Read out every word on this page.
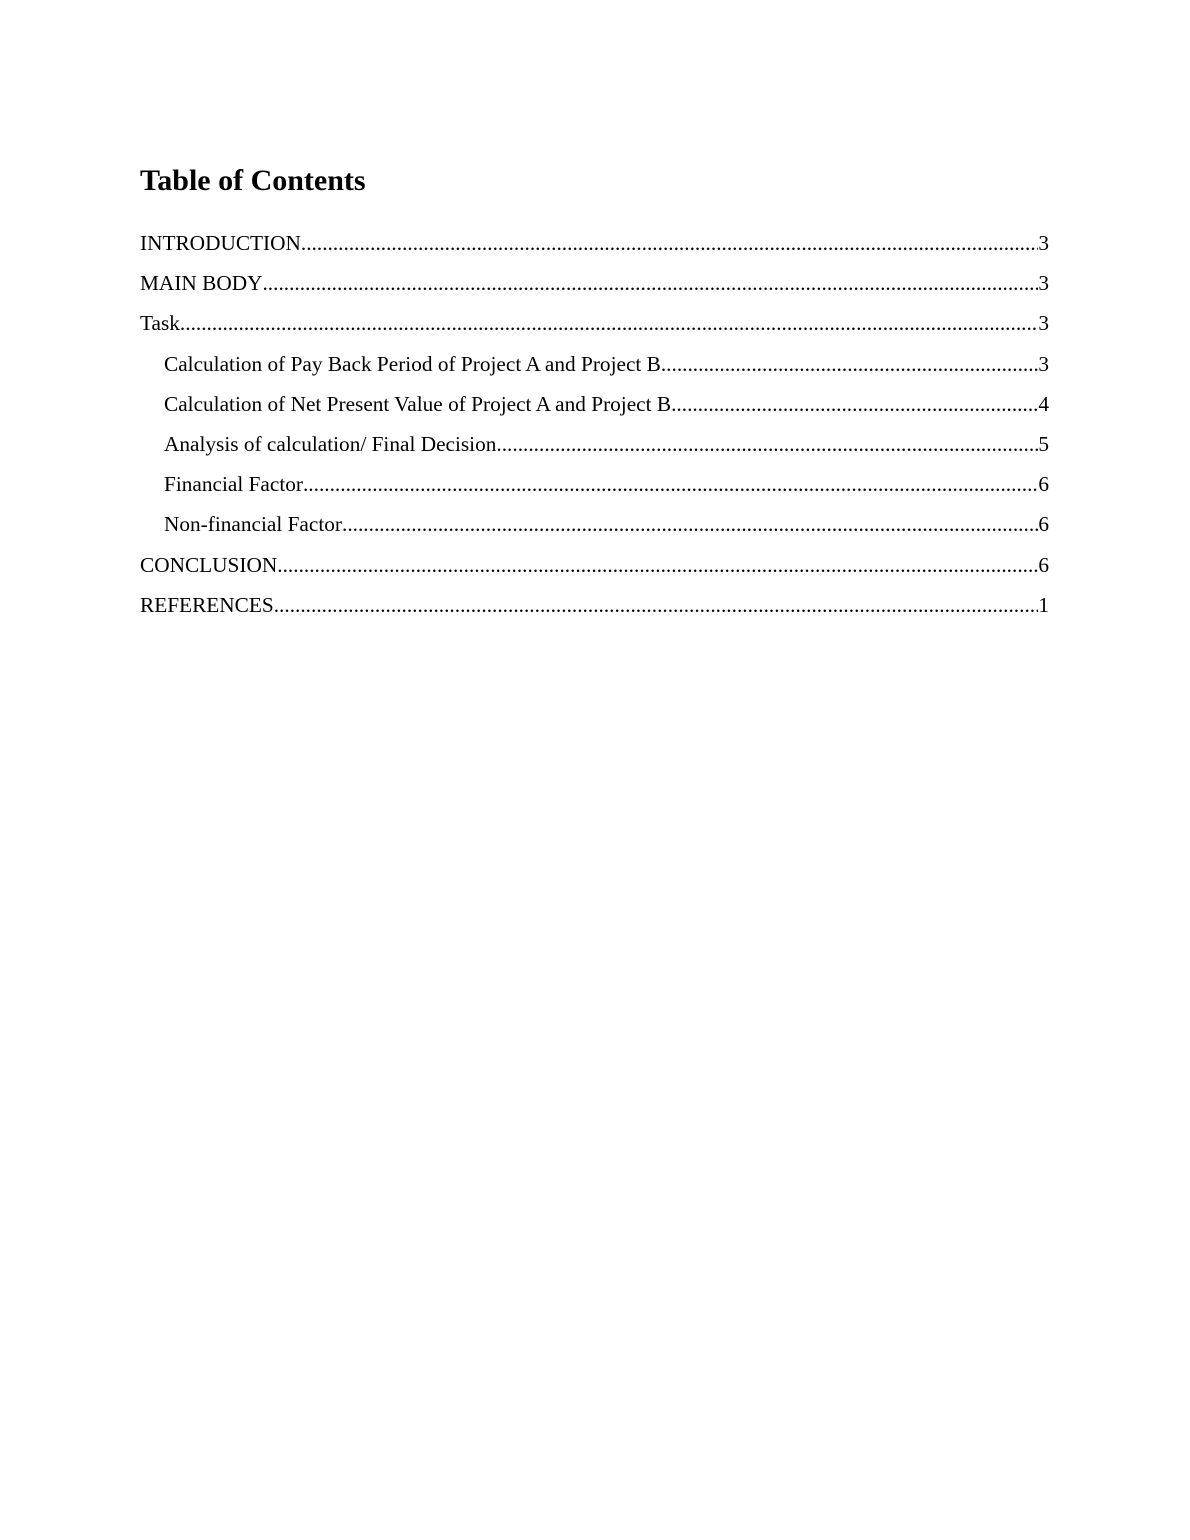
Table of Contents
INTRODUCTION .....	3
MAIN BODY .....	3
Task .....	3
Calculation of Pay Back Period of Project A and Project B .....	3
Calculation of Net Present Value of Project A and Project B .....	4
Analysis of calculation/ Final Decision .....	5
Financial Factor .....	6
Non-financial Factor .....	6
CONCLUSION .....	6
REFERENCES .....	1
